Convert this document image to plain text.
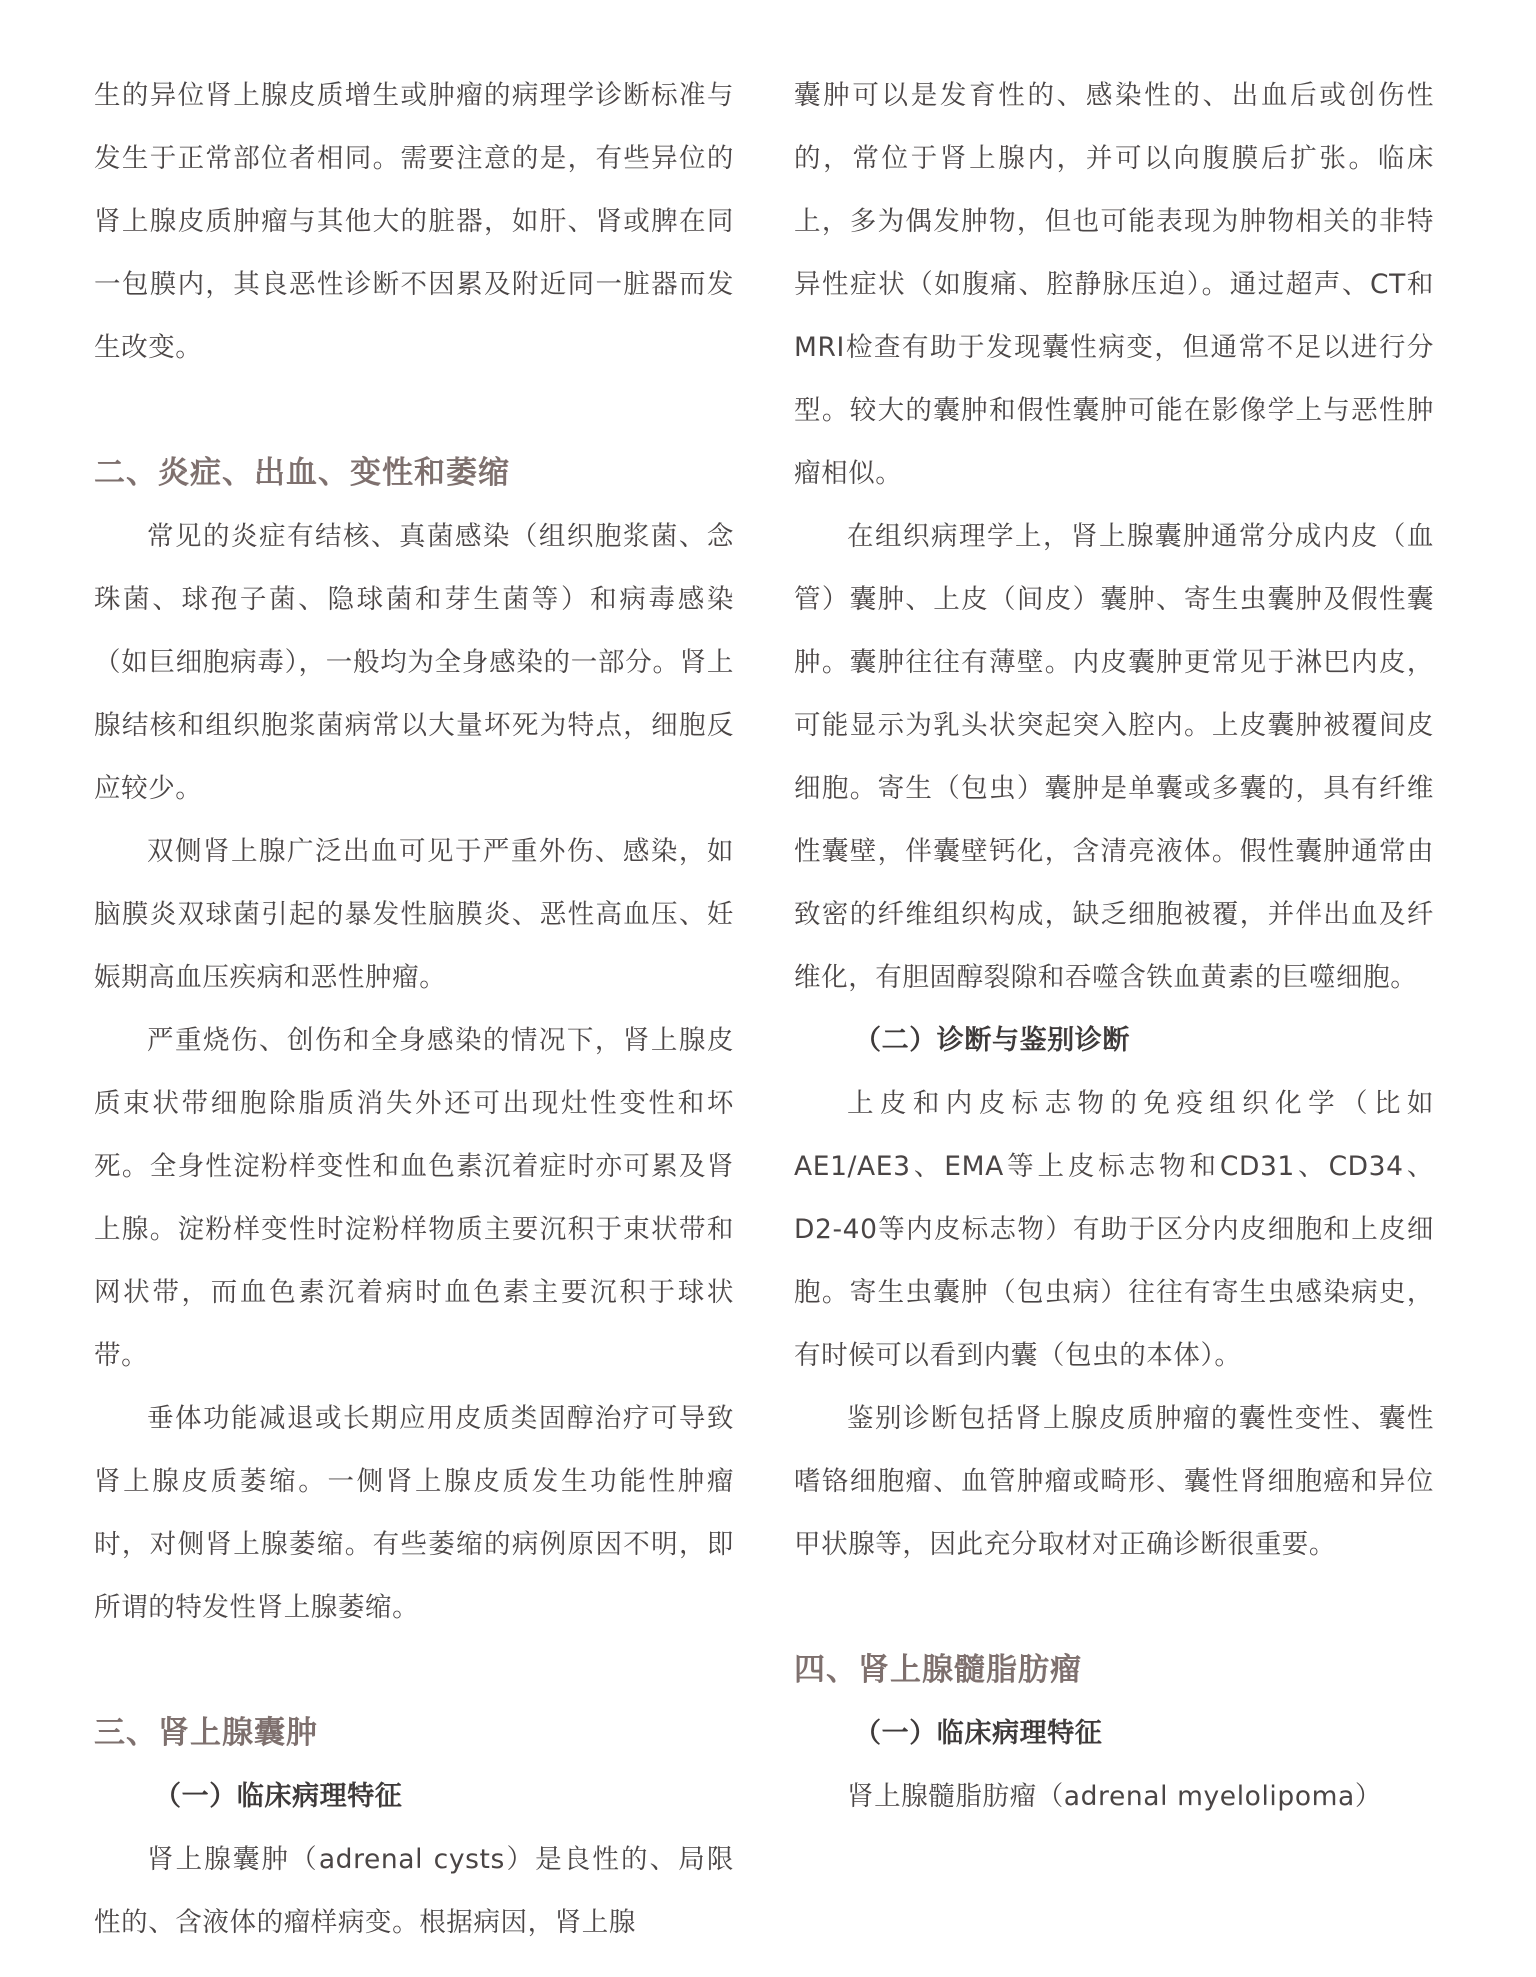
生的异位肾上腺皮质增生或肿瘤的病理学诊断标准与发生于正常部位者相同。需要注意的是，有些异位的肾上腺皮质肿瘤与其他大的脏器，如肝、肾或脾在同一包膜内，其良恶性诊断不因累及附近同一脏器而发生改变。

二、炎症、出血、变性和萎缩

常见的炎症有结核、真菌感染（组织胞浆菌、念珠菌、球孢子菌、隐球菌和芽生菌等）和病毒感染（如巨细胞病毒），一般均为全身感染的一部分。肾上腺结核和组织胞浆菌病常以大量坏死为特点，细胞反应较少。

双侧肾上腺广泛出血可见于严重外伤、感染，如脑膜炎双球菌引起的暴发性脑膜炎、恶性高血压、妊娠期高血压疾病和恶性肿瘤。

严重烧伤、创伤和全身感染的情况下，肾上腺皮质束状带细胞除脂质消失外还可出现灶性变性和坏死。全身性淀粉样变性和血色素沉着症时亦可累及肾上腺。淀粉样变性时淀粉样物质主要沉积于束状带和网状带，而血色素沉着病时血色素主要沉积于球状带。

垂体功能减退或长期应用皮质类固醇治疗可导致肾上腺皮质萎缩。一侧肾上腺皮质发生功能性肿瘤时，对侧肾上腺萎缩。有些萎缩的病例原因不明，即所谓的特发性肾上腺萎缩。

三、肾上腺囊肿
（一）临床病理特征

肾上腺囊肿（adrenal cysts）是良性的、局限性的、含液体的瘤样病变。根据病因，肾上腺

囊肿可以是发育性的、感染性的、出血后或创伤性的，常位于肾上腺内，并可以向腹膜后扩张。临床上，多为偶发肿物，但也可能表现为肿物相关的非特异性症状（如腹痛、腔静脉压迫）。通过超声、CT和MRI检查有助于发现囊性病变，但通常不足以进行分型。较大的囊肿和假性囊肿可能在影像学上与恶性肿瘤相似。

在组织病理学上，肾上腺囊肿通常分成内皮（血管）囊肿、上皮（间皮）囊肿、寄生虫囊肿及假性囊肿。囊肿往往有薄壁。内皮囊肿更常见于淋巴内皮，可能显示为乳头状突起突入腔内。上皮囊肿被覆间皮细胞。寄生（包虫）囊肿是单囊或多囊的，具有纤维性囊壁，伴囊壁钙化，含清亮液体。假性囊肿通常由致密的纤维组织构成，缺乏细胞被覆，并伴出血及纤维化，有胆固醇裂隙和吞噬含铁血黄素的巨噬细胞。

（二）诊断与鉴别诊断

上皮和内皮标志物的免疫组织化学（比如AE1/AE3、EMA等上皮标志物和CD31、CD34、D2-40等内皮标志物）有助于区分内皮细胞和上皮细胞。寄生虫囊肿（包虫病）往往有寄生虫感染病史，有时候可以看到内囊（包虫的本体）。

鉴别诊断包括肾上腺皮质肿瘤的囊性变性、囊性嗜铬细胞瘤、血管肿瘤或畸形、囊性肾细胞癌和异位甲状腺等，因此充分取材对正确诊断很重要。

四、肾上腺髓脂肪瘤
（一）临床病理特征

肾上腺髓脂肪瘤（adrenal myelolipoma）
